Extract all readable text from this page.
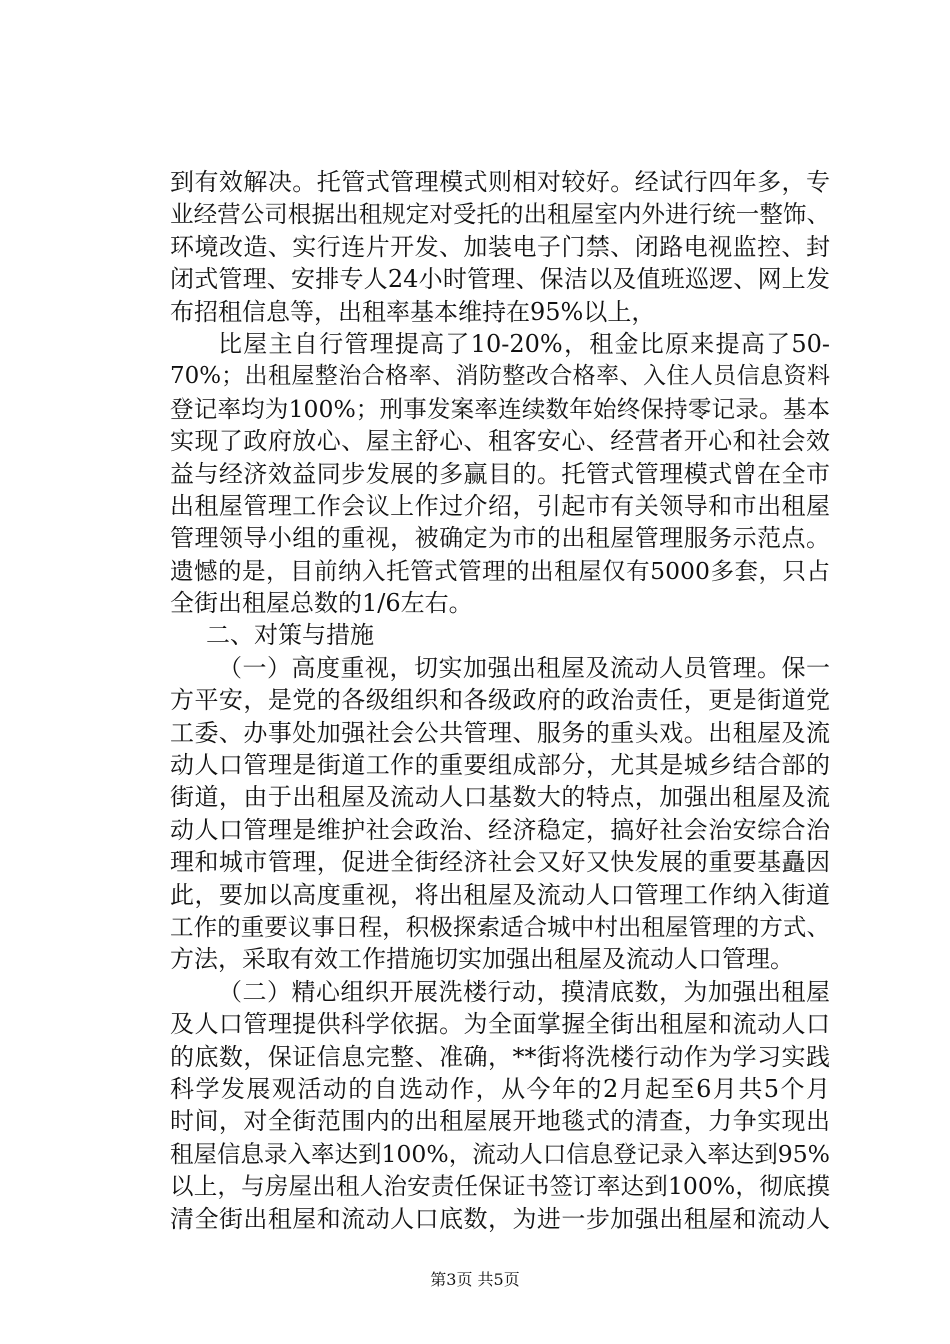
到有效解决。托管式管理模式则相对较好。经试行四年多，专
业经营公司根据出租规定对受托的出租屋室内外进行统一整饰、
环境改造、实行连片开发、加装电子门禁、闭路电视监控、封
闭式管理、安排专人24小时管理、保洁以及值班巡逻、网上发
布招租信息等，出租率基本维持在95%以上，
比屋主自行管理提高了10-20%，租金比原来提高了50-
70%；出租屋整治合格率、消防整改合格率、入住人员信息资料
登记率均为100%；刑事发案率连续数年始终保持零记录。基本
实现了政府放心、屋主舒心、租客安心、经营者开心和社会效
益与经济效益同步发展的多赢目的。托管式管理模式曾在全市
出租屋管理工作会议上作过介绍，引起市有关领导和市出租屋
管理领导小组的重视，被确定为市的出租屋管理服务示范点。
遗憾的是，目前纳入托管式管理的出租屋仅有5000多套，只占
全街出租屋总数的1/6左右。
二、对策与措施
（一）高度重视，切实加强出租屋及流动人员管理。保一
方平安，是党的各级组织和各级政府的政治责任，更是街道党
工委、办事处加强社会公共管理、服务的重头戏。出租屋及流
动人口管理是街道工作的重要组成部分，尤其是城乡结合部的
街道，由于出租屋及流动人口基数大的特点，加强出租屋及流
动人口管理是维护社会政治、经济稳定，搞好社会治安综合治
理和城市管理，促进全街经济社会又好又快发展的重要基矗因
此，要加以高度重视，将出租屋及流动人口管理工作纳入街道
工作的重要议事日程，积极探索适合城中村出租屋管理的方式、
方法，采取有效工作措施切实加强出租屋及流动人口管理。
（二）精心组织开展洗楼行动，摸清底数，为加强出租屋
及人口管理提供科学依据。为全面掌握全街出租屋和流动人口
的底数，保证信息完整、准确，**街将洗楼行动作为学习实践
科学发展观活动的自选动作，从今年的2月起至6月共5个月
时间，对全街范围内的出租屋展开地毯式的清查，力争实现出
租屋信息录入率达到100%，流动人口信息登记录入率达到95%
以上，与房屋出租人治安责任保证书签订率达到100%，彻底摸
清全街出租屋和流动人口底数，为进一步加强出租屋和流动人
第3页 共5页
